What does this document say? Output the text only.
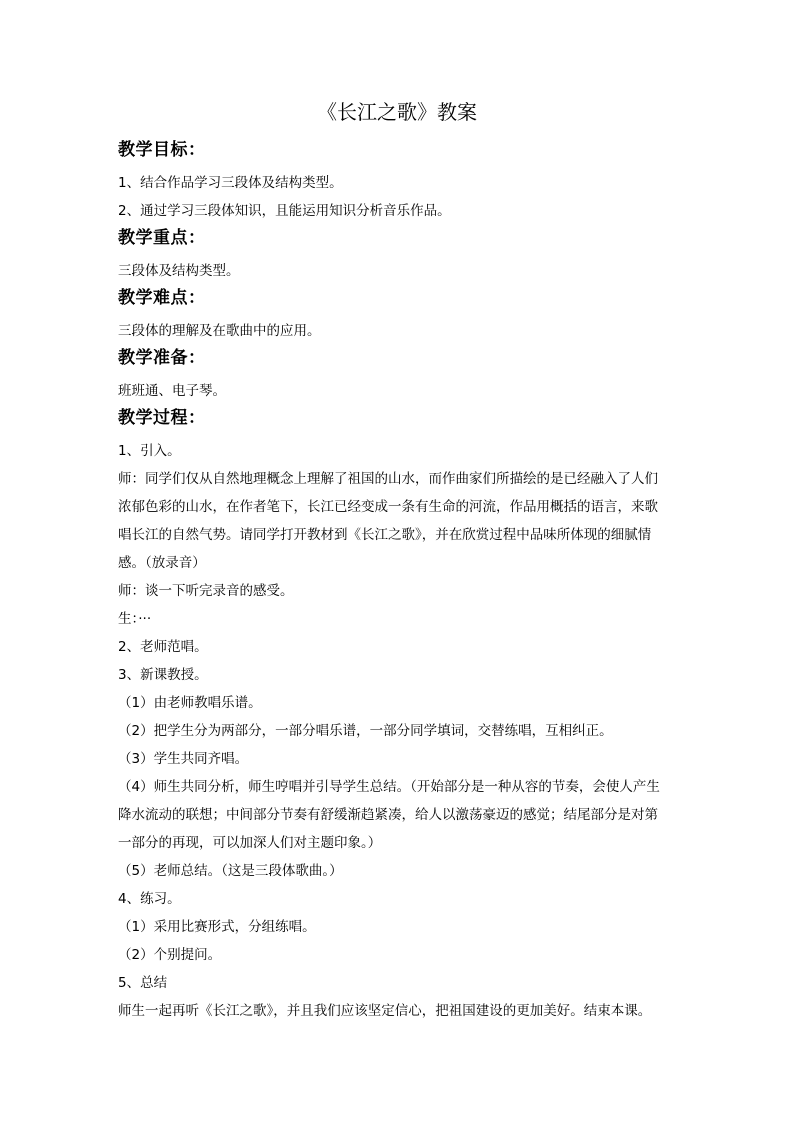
《长江之歌》教案
教学目标：

1、结合作品学习三段体及结构类型。

2、通过学习三段体知识，且能运用知识分析音乐作品。

教学重点：

三段体及结构类型。

教学难点：

三段体的理解及在歌曲中的应用。

教学准备：

班班通、电子琴。

教学过程：

1、引入。

师：同学们仅从自然地理概念上理解了祖国的山水，而作曲家们所描绘的是已经融入了人们

浓郁色彩的山水，在作者笔下，长江已经变成一条有生命的河流，作品用概括的语言，来歌

唱长江的自然气势。请同学打开教材到《长江之歌》，并在欣赏过程中品味所体现的细腻情

感。（放录音）

师：谈一下听完录音的感受。

生：···

2、老师范唱。

3、新课教授。

（1）由老师教唱乐谱。

（2）把学生分为两部分，一部分唱乐谱，一部分同学填词，交替练唱，互相纠正。

（3）学生共同齐唱。

（4）师生共同分析，师生哼唱并引导学生总结。（开始部分是一种从容的节奏，会使人产生

降水流动的联想；中间部分节奏有舒缓渐趋紧凑，给人以激荡豪迈的感觉；结尾部分是对第

一部分的再现，可以加深人们对主题印象。）

（5）老师总结。（这是三段体歌曲。）

4、练习。

（1）采用比赛形式，分组练唱。

（2）个别提问。

5、总结

师生一起再听《长江之歌》，并且我们应该坚定信心，把祖国建设的更加美好。结束本课。
